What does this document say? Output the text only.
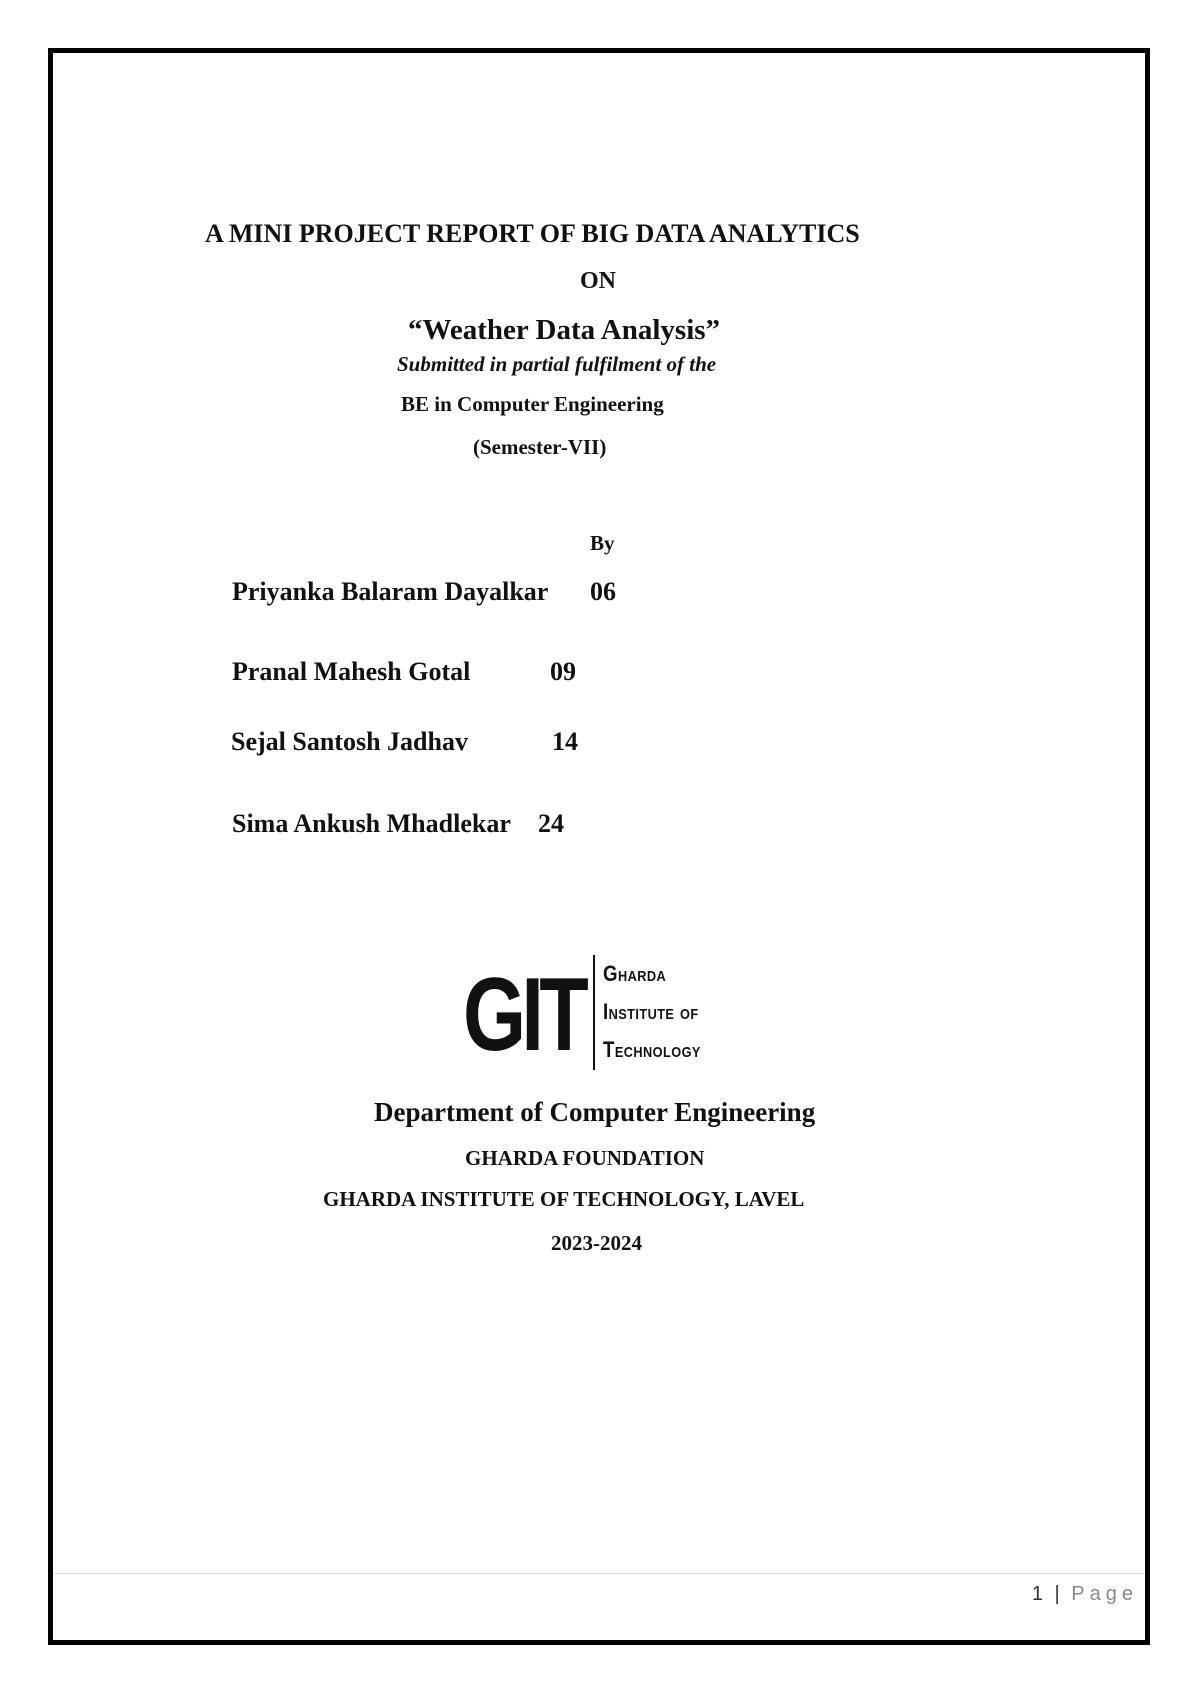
A MINI PROJECT REPORT OF BIG DATA ANALYTICS
ON
“Weather Data Analysis”
Submitted in partial fulfilment of the
BE in Computer Engineering
(Semester-VII)
By
Priyanka Balaram Dayalkar 06
Pranal Mahesh Gotal	09
Sejal Santosh Jadhav	14
Sima Ankush Mhadlekar 24
GIT Gharda
Institute of
Technology
Department of Computer Engineering
GHARDA FOUNDATION
GHARDA INSTITUTE OF TECHNOLOGY, LAVEL
2023-2024
1 | Page
